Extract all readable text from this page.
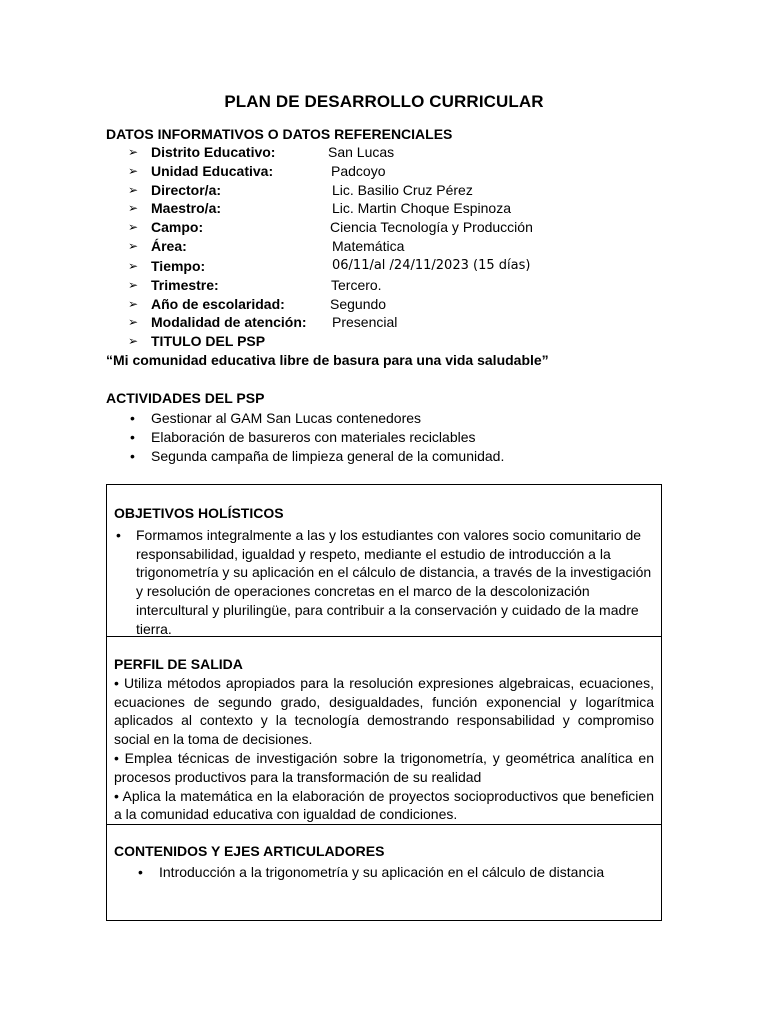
PLAN DE DESARROLLO CURRICULAR
DATOS INFORMATIVOS O DATOS REFERENCIALES
➢ Distrito Educativo:	San Lucas
➢ Unidad Educativa:	Padcoyo
➢ Director/a:	Lic. Basilio Cruz Pérez
➢ Maestro/a:	Lic. Martin Choque Espinoza
➢ Campo:	Ciencia Tecnología y Producción
➢ Área:	Matemática
➢ Tiempo:	06/11/al /24/11/2023 (15 días)
➢ Trimestre:	Tercero.
➢ Año de escolaridad:	Segundo
➢ Modalidad de atención: Presencial
➢ TITULO DEL PSP
“Mi comunidad educativa libre de basura para una vida saludable”
ACTIVIDADES DEL PSP
• Gestionar al GAM San Lucas contenedores
• Elaboración de basureros con materiales reciclables
• Segunda campaña de limpieza general de la comunidad.
OBJETIVOS HOLÍSTICOS
• Formamos integralmente a las y los estudiantes con valores socio comunitario de responsabilidad, igualdad y respeto, mediante el estudio de introducción a la trigonometría y su aplicación en el cálculo de distancia, a través de la investigación y resolución de operaciones concretas en el marco de la descolonización intercultural y plurilingüe, para contribuir a la conservación y cuidado de la madre tierra.
PERFIL DE SALIDA
• Utiliza métodos apropiados para la resolución expresiones algebraicas, ecuaciones, ecuaciones de segundo grado, desigualdades, función exponencial y logarítmica aplicados al contexto y la tecnología demostrando responsabilidad y compromiso social en la toma de decisiones.
• Emplea técnicas de investigación sobre la trigonometría, y geométrica analítica en procesos productivos para la transformación de su realidad
• Aplica la matemática en la elaboración de proyectos socioproductivos que beneficien a la comunidad educativa con igualdad de condiciones.
CONTENIDOS Y EJES ARTICULADORES
• Introducción a la trigonometría y su aplicación en el cálculo de distancia
